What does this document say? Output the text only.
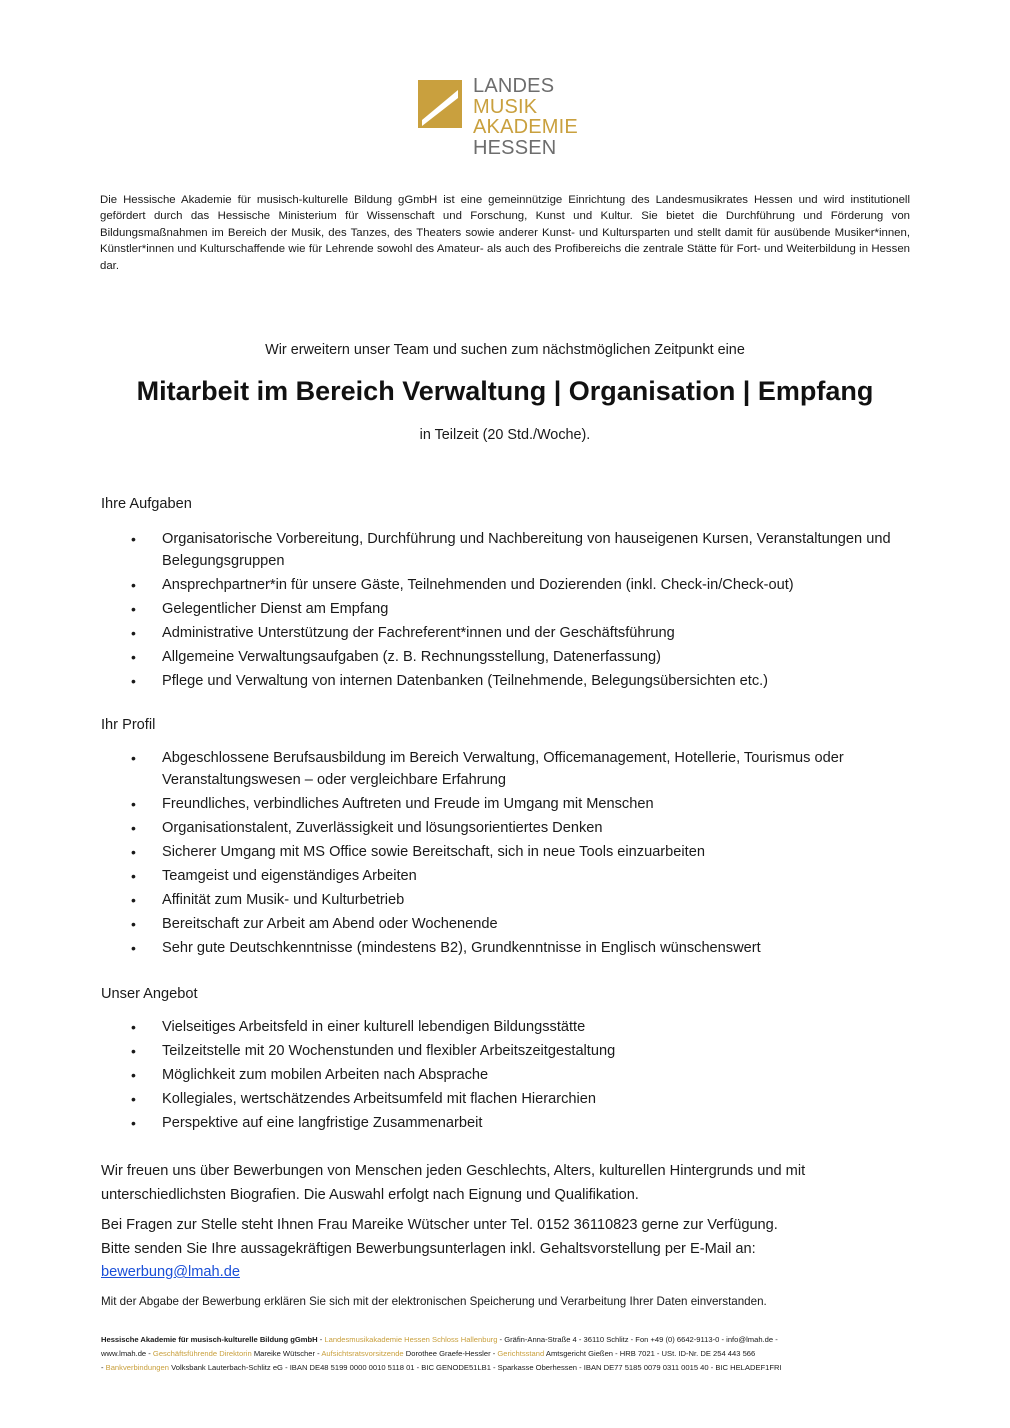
LANDES
MUSIK
AKADEMIE
HESSEN
Die Hessische Akademie für musisch-kulturelle Bildung gGmbH ist eine gemeinnützige Einrichtung des Landesmusikrates Hessen und wird institutionell gefördert durch das Hessische Ministerium für Wissenschaft und Forschung, Kunst und Kultur. Sie bietet die Durchführung und Förderung von Bildungsmaßnahmen im Bereich der Musik, des Tanzes, des Theaters sowie anderer Kunst- und Kultursparten und stellt damit für ausübende Musiker*innen, Künstler*innen und Kulturschaffende wie für Lehrende sowohl des Amateur- als auch des Profibereichs die zentrale Stätte für Fort- und Weiterbildung in Hessen dar.
Wir erweitern unser Team und suchen zum nächstmöglichen Zeitpunkt eine
Mitarbeit im Bereich Verwaltung | Organisation | Empfang
in Teilzeit (20 Std./Woche).
Ihre Aufgaben
• Organisatorische Vorbereitung, Durchführung und Nachbereitung von hauseigenen Kursen, Veranstaltungen und Belegungsgruppen
• Ansprechpartner*in für unsere Gäste, Teilnehmenden und Dozierenden (inkl. Check-in/Check-out)
• Gelegentlicher Dienst am Empfang
• Administrative Unterstützung der Fachreferent*innen und der Geschäftsführung
• Allgemeine Verwaltungsaufgaben (z. B. Rechnungsstellung, Datenerfassung)
• Pflege und Verwaltung von internen Datenbanken (Teilnehmende, Belegungsübersichten etc.)
Ihr Profil
• Abgeschlossene Berufsausbildung im Bereich Verwaltung, Officemanagement, Hotellerie, Tourismus oder Veranstaltungswesen – oder vergleichbare Erfahrung
• Freundliches, verbindliches Auftreten und Freude im Umgang mit Menschen
• Organisationstalent, Zuverlässigkeit und lösungsorientiertes Denken
• Sicherer Umgang mit MS Office sowie Bereitschaft, sich in neue Tools einzuarbeiten
• Teamgeist und eigenständiges Arbeiten
• Affinität zum Musik- und Kulturbetrieb
• Bereitschaft zur Arbeit am Abend oder Wochenende
• Sehr gute Deutschkenntnisse (mindestens B2), Grundkenntnisse in Englisch wünschenswert
Unser Angebot
• Vielseitiges Arbeitsfeld in einer kulturell lebendigen Bildungsstätte
• Teilzeitstelle mit 20 Wochenstunden und flexibler Arbeitszeitgestaltung
• Möglichkeit zum mobilen Arbeiten nach Absprache
• Kollegiales, wertschätzendes Arbeitsumfeld mit flachen Hierarchien
• Perspektive auf eine langfristige Zusammenarbeit
Wir freuen uns über Bewerbungen von Menschen jeden Geschlechts, Alters, kulturellen Hintergrunds und mit unterschiedlichsten Biografien. Die Auswahl erfolgt nach Eignung und Qualifikation.
Bei Fragen zur Stelle steht Ihnen Frau Mareike Wütscher unter Tel. 0152 36110823 gerne zur Verfügung.
Bitte senden Sie Ihre aussagekräftigen Bewerbungsunterlagen inkl. Gehaltsvorstellung per E-Mail an:
bewerbung@lmah.de
Mit der Abgabe der Bewerbung erklären Sie sich mit der elektronischen Speicherung und Verarbeitung Ihrer Daten einverstanden.
Hessische Akademie für musisch-kulturelle Bildung gGmbH - Landesmusikakademie Hessen Schloss Hallenburg - Gräfin-Anna-Straße 4 - 36110 Schlitz - Fon +49 (0) 6642-9113-0 - info@lmah.de -
www.lmah.de - Geschäftsführende Direktorin Mareike Wütscher - Aufsichtsratsvorsitzende Dorothee Graefe-Hessler - Gerichtsstand Amtsgericht Gießen - HRB 7021 - USt. ID-Nr. DE 254 443 566
- Bankverbindungen Volksbank Lauterbach-Schlitz eG - IBAN DE48 5199 0000 0010 5118 01 - BIC GENODE51LB1 - Sparkasse Oberhessen - IBAN DE77 5185 0079 0311 0015 40 - BIC HELADEF1FRI
